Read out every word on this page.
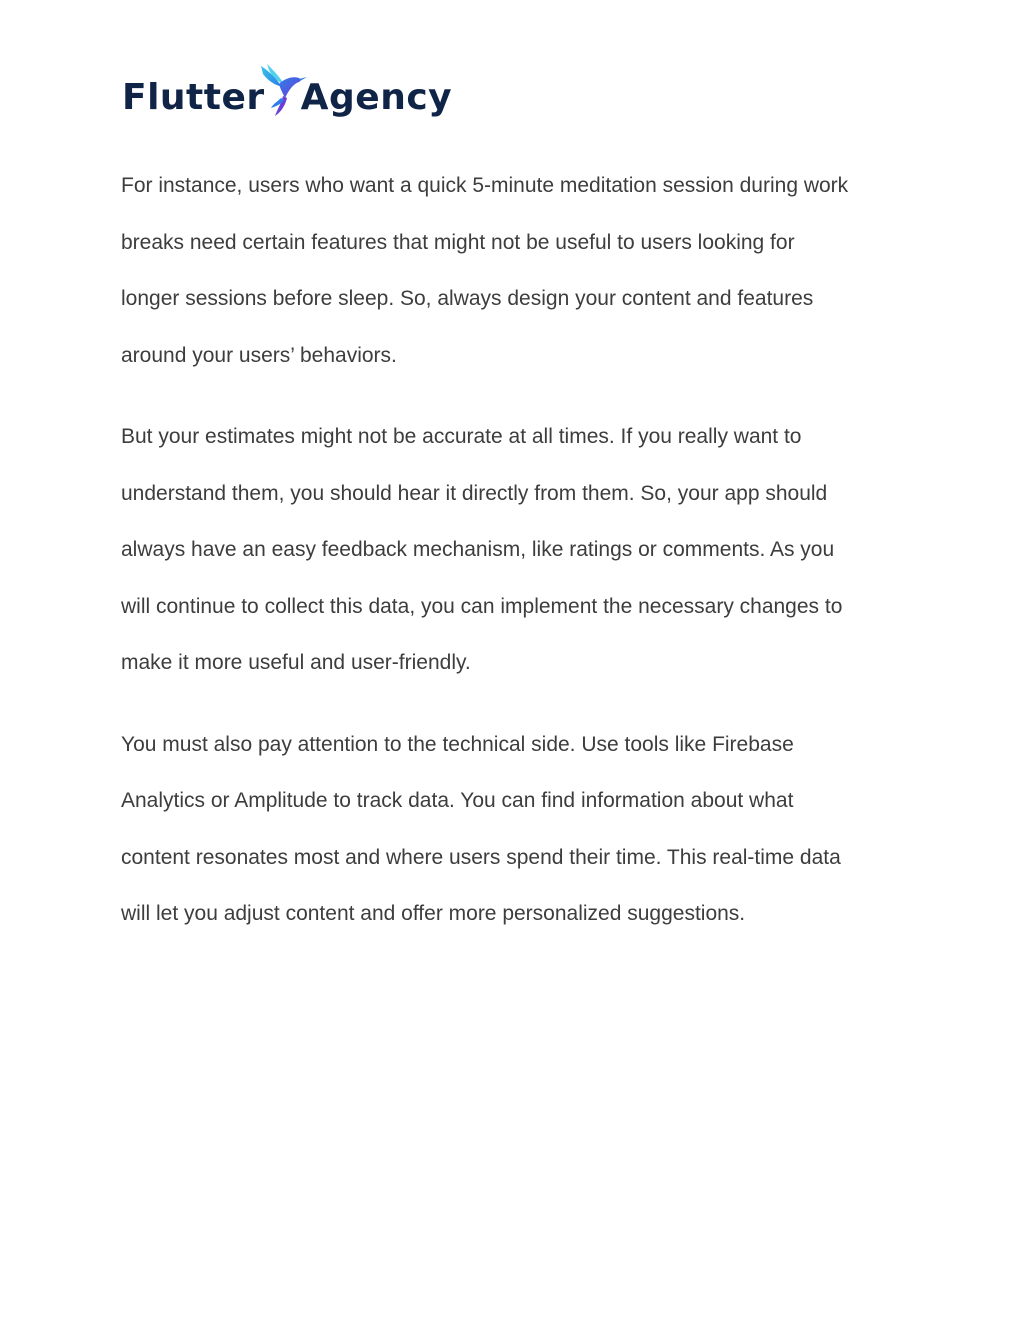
Flutter Agency

For instance, users who want a quick 5-minute meditation session during work
breaks need certain features that might not be useful to users looking for
longer sessions before sleep. So, always design your content and features
around your users’ behaviors.

But your estimates might not be accurate at all times. If you really want to
understand them, you should hear it directly from them. So, your app should
always have an easy feedback mechanism, like ratings or comments. As you
will continue to collect this data, you can implement the necessary changes to
make it more useful and user-friendly.

You must also pay attention to the technical side. Use tools like Firebase
Analytics or Amplitude to track data. You can find information about what
content resonates most and where users spend their time. This real-time data
will let you adjust content and offer more personalized suggestions.
